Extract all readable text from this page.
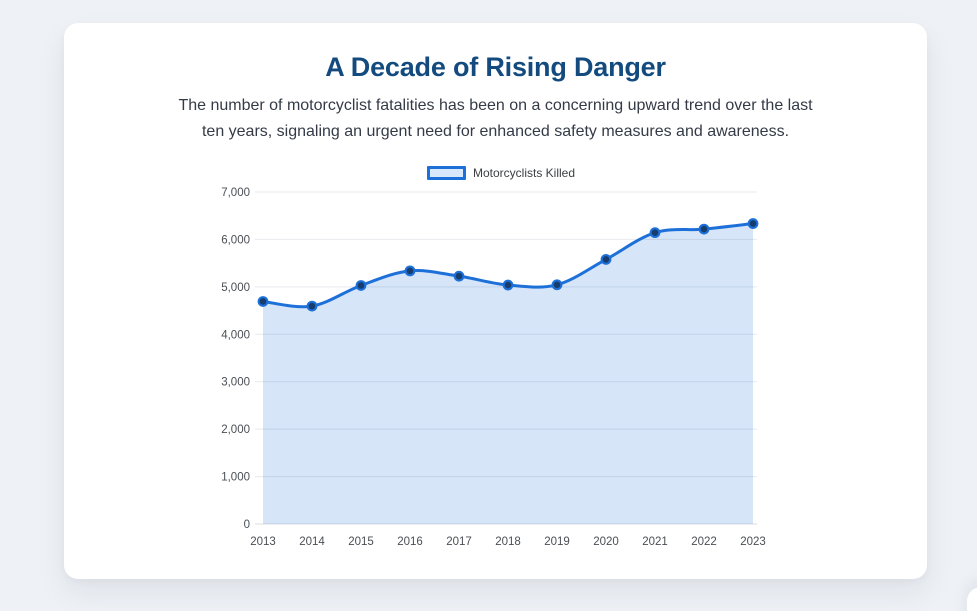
A Decade of Rising Danger

The number of motorcyclist fatalities has been on a concerning upward trend over the last
ten years, signaling an urgent need for enhanced safety measures and awareness.

Motorcyclists Killed
0
1,000
2,000
3,000
4,000
5,000
6,000
7,000
2013 2014 2015 2016 2017 2018 2019 2020 2021 2022 2023
